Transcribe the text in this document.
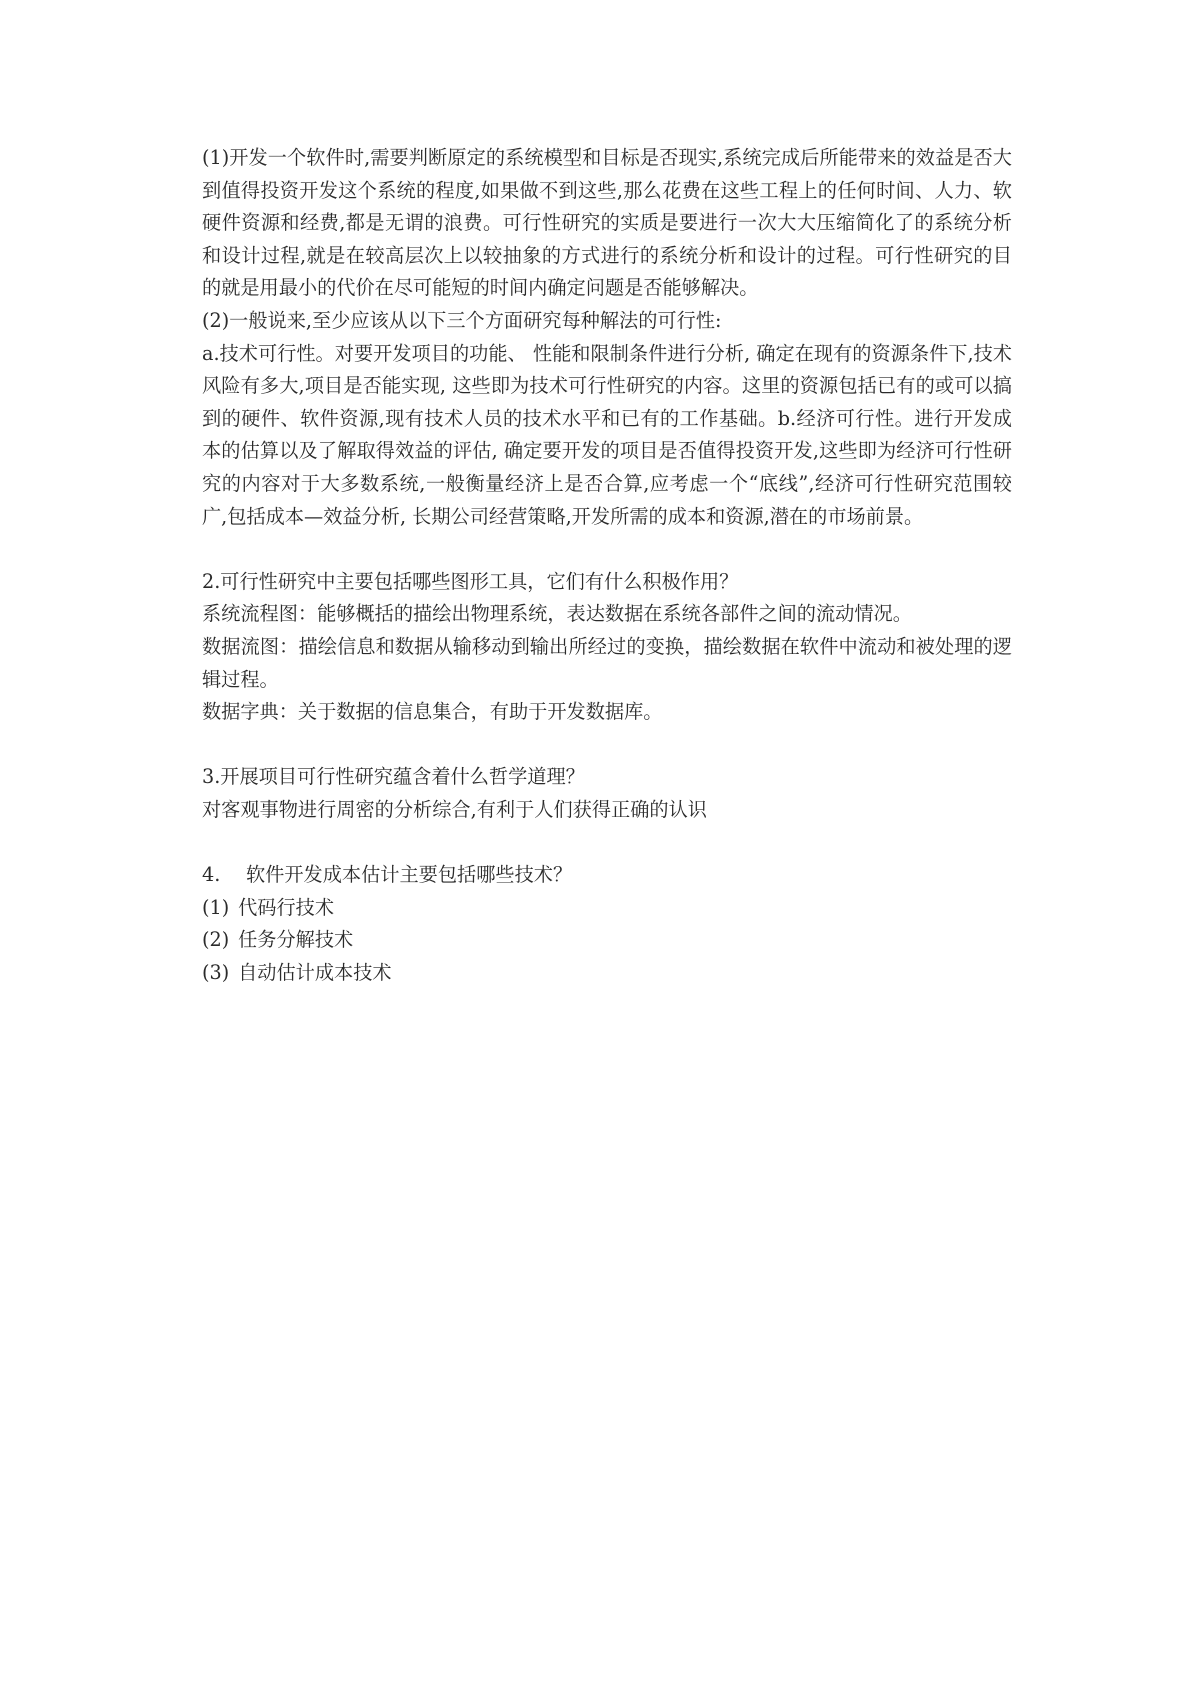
(1)开发一个软件时,需要判断原定的系统模型和目标是否现实,系统完成后所能带来的效益是否大到值得投资开发这个系统的程度,如果做不到这些,那么花费在这些工程上的任何时间、人力、软硬件资源和经费,都是无谓的浪费。可行性研究的实质是要进行一次大大压缩简化了的系统分析和设计过程,就是在较高层次上以较抽象的方式进行的系统分析和设计的过程。可行性研究的目的就是用最小的代价在尽可能短的时间内确定问题是否能够解决。

(2)一般说来,至少应该从以下三个方面研究每种解法的可行性:

a.技术可行性。对要开发项目的功能、 性能和限制条件进行分析, 确定在现有的资源条件下,技术风险有多大,项目是否能实现, 这些即为技术可行性研究的内容。这里的资源包括已有的或可以搞到的硬件、软件资源,现有技术人员的技术水平和已有的工作基础。b.经济可行性。进行开发成本的估算以及了解取得效益的评估, 确定要开发的项目是否值得投资开发,这些即为经济可行性研究的内容对于大多数系统,一般衡量经济上是否合算,应考虑一个“底线”,经济可行性研究范围较广,包括成本—效益分析, 长期公司经营策略,开发所需的成本和资源,潜在的市场前景。

2.可行性研究中主要包括哪些图形工具，它们有什么积极作用？

系统流程图：能够概括的描绘出物理系统，表达数据在系统各部件之间的流动情况。

数据流图：描绘信息和数据从输移动到输出所经过的变换，描绘数据在软件中流动和被处理的逻辑过程。

数据字典：关于数据的信息集合，有助于开发数据库。

3.开展项目可行性研究蕴含着什么哲学道理？

对客观事物进行周密的分析综合,有利于人们获得正确的认识

4. 软件开发成本估计主要包括哪些技术？

(1) 代码行技术

(2) 任务分解技术

(3) 自动估计成本技术
